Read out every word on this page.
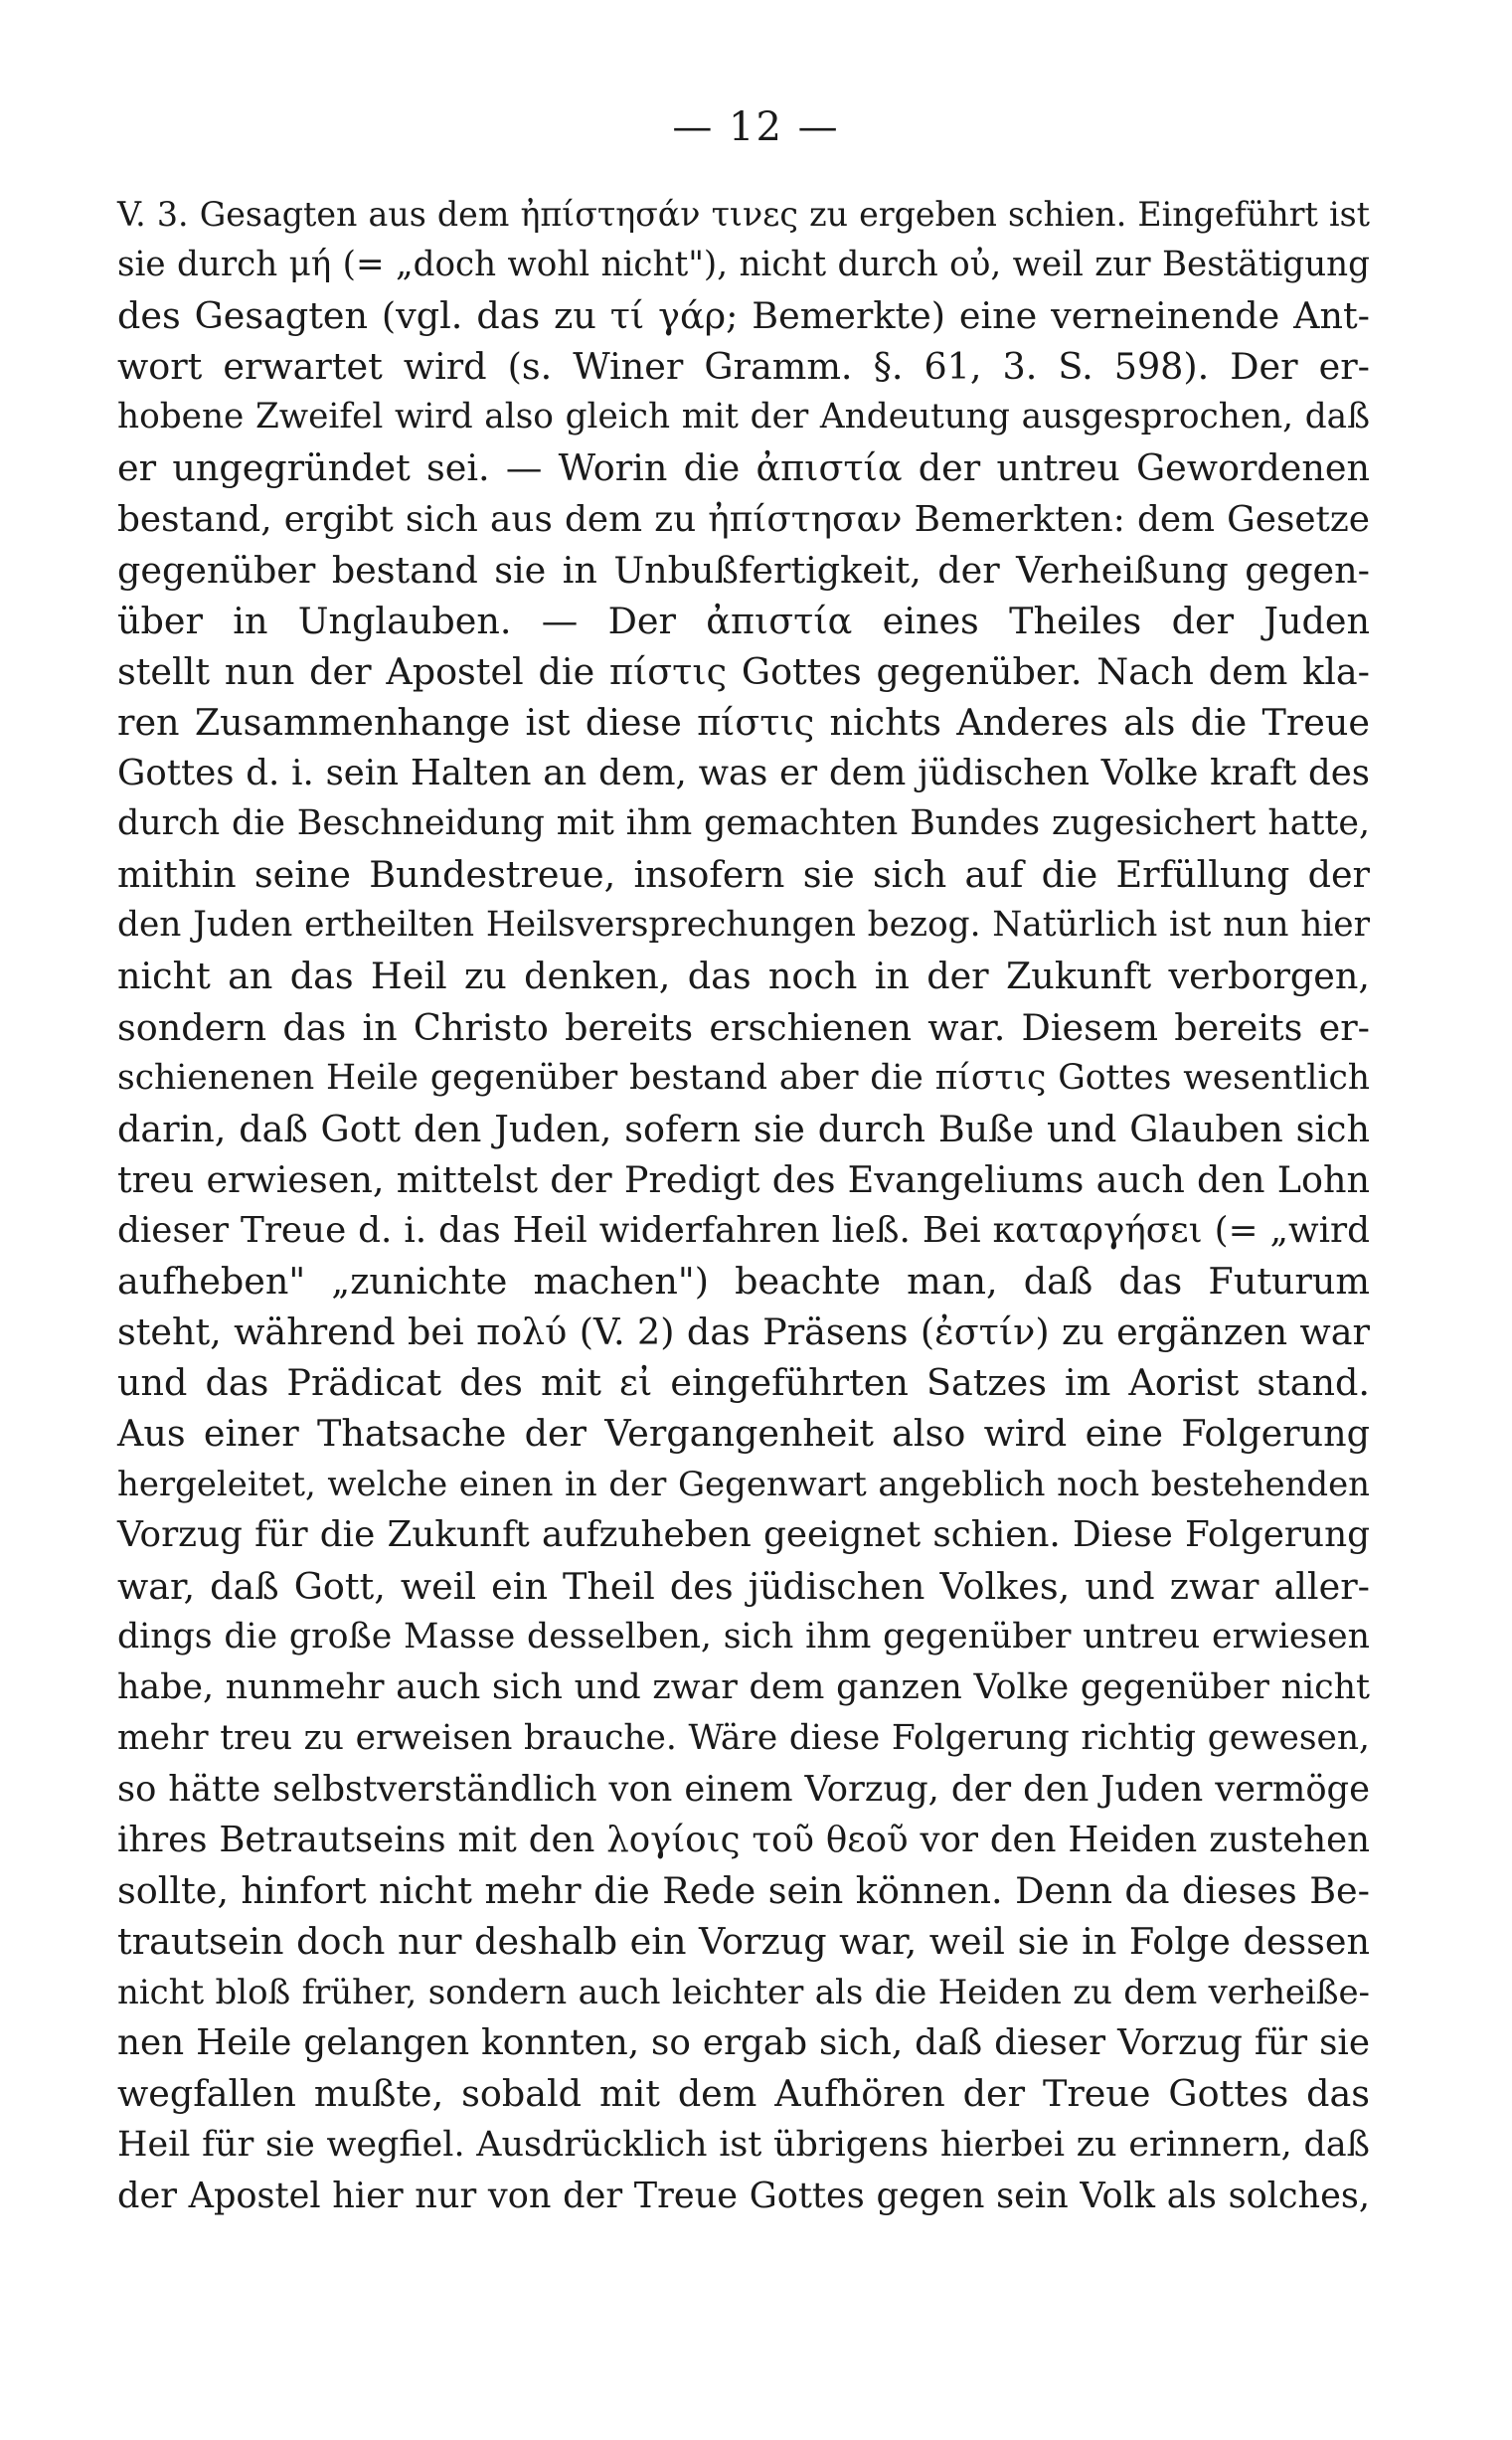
— 12 —
V. 3. Gesagten aus dem ἠπίστησάν τινες zu ergeben schien. Eingeführt ist
sie durch μή (= „doch wohl nicht"), nicht durch οὐ, weil zur Bestätigung
des Gesagten (vgl. das zu τί γάρ; Bemerkte) eine verneinende Ant-
wort erwartet wird (s. Winer Gramm. §. 61, 3. S. 598). Der er-
hobene Zweifel wird also gleich mit der Andeutung ausgesprochen, daß
er ungegründet sei. — Worin die ἀπιστία der untreu Gewordenen
bestand, ergibt sich aus dem zu ἠπίστησαν Bemerkten: dem Gesetze
gegenüber bestand sie in Unbußfertigkeit, der Verheißung gegen-
über in Unglauben. — Der ἀπιστία eines Theiles der Juden
stellt nun der Apostel die πίστις Gottes gegenüber. Nach dem kla-
ren Zusammenhange ist diese πίστις nichts Anderes als die Treue
Gottes d. i. sein Halten an dem, was er dem jüdischen Volke kraft des
durch die Beschneidung mit ihm gemachten Bundes zugesichert hatte,
mithin seine Bundestreue, insofern sie sich auf die Erfüllung der
den Juden ertheilten Heilsversprechungen bezog. Natürlich ist nun hier
nicht an das Heil zu denken, das noch in der Zukunft verborgen,
sondern das in Christo bereits erschienen war. Diesem bereits er-
schienenen Heile gegenüber bestand aber die πίστις Gottes wesentlich
darin, daß Gott den Juden, sofern sie durch Buße und Glauben sich
treu erwiesen, mittelst der Predigt des Evangeliums auch den Lohn
dieser Treue d. i. das Heil widerfahren ließ. Bei καταργήσει (= „wird
aufheben" „zunichte machen") beachte man, daß das Futurum
steht, während bei πολύ (V. 2) das Präsens (ἐστίν) zu ergänzen war
und das Prädicat des mit εἰ eingeführten Satzes im Aorist stand.
Aus einer Thatsache der Vergangenheit also wird eine Folgerung
hergeleitet, welche einen in der Gegenwart angeblich noch bestehenden
Vorzug für die Zukunft aufzuheben geeignet schien. Diese Folgerung
war, daß Gott, weil ein Theil des jüdischen Volkes, und zwar aller-
dings die große Masse desselben, sich ihm gegenüber untreu erwiesen
habe, nunmehr auch sich und zwar dem ganzen Volke gegenüber nicht
mehr treu zu erweisen brauche. Wäre diese Folgerung richtig gewesen,
so hätte selbstverständlich von einem Vorzug, der den Juden vermöge
ihres Betrautseins mit den λογίοις τοῦ θεοῦ vor den Heiden zustehen
sollte, hinfort nicht mehr die Rede sein können. Denn da dieses Be-
trautsein doch nur deshalb ein Vorzug war, weil sie in Folge dessen
nicht bloß früher, sondern auch leichter als die Heiden zu dem verheiße-
nen Heile gelangen konnten, so ergab sich, daß dieser Vorzug für sie
wegfallen mußte, sobald mit dem Aufhören der Treue Gottes das
Heil für sie wegfiel. Ausdrücklich ist übrigens hierbei zu erinnern, daß
der Apostel hier nur von der Treue Gottes gegen sein Volk als solches,
